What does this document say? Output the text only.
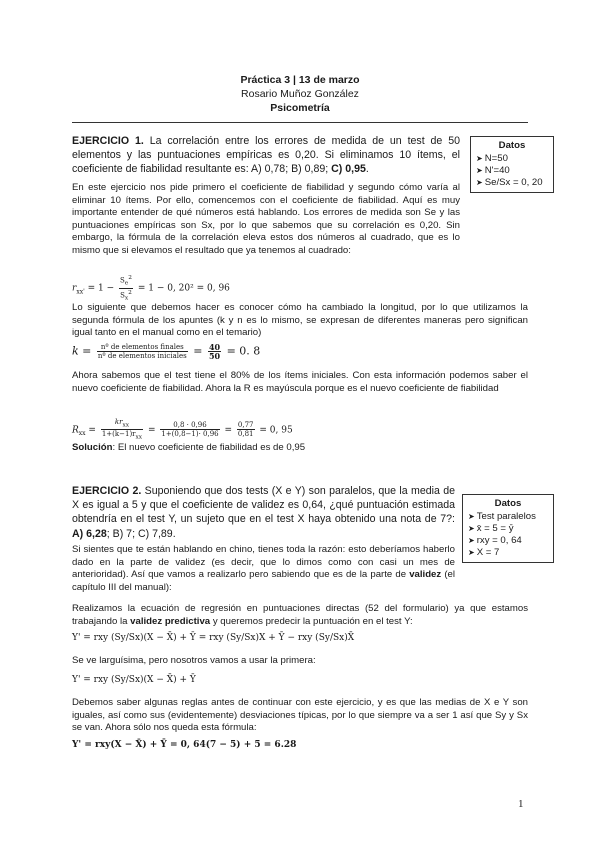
Práctica 3 | 13 de marzo
Rosario Muñoz González
Psicometría
EJERCICIO 1. La correlación entre los errores de medida de un test de 50 elementos y las puntuaciones empíricas es 0,20. Si eliminamos 10 ítems, el coeficiente de fiabilidad resultante es: A) 0,78; B) 0,89; C) 0,95.
Datos
➤ N=50
➤ N'=40
➤ Se/Sx = 0, 20
En este ejercicio nos pide primero el coeficiente de fiabilidad y segundo cómo varía al eliminar 10 ítems. Por ello, comencemos con el coeficiente de fiabilidad. Aquí es muy importante entender de qué números está hablando. Los errores de medida son Se y las puntuaciones empíricas son Sx, por lo que sabemos que su correlación es 0,20. Sin embargo, la fórmula de la correlación eleva estos dos números al cuadrado, que es lo mismo que si elevamos el resultado que ya tenemos al cuadrado:
$r_{xx'} = 1 - \frac{S_e^2}{S_x^2} = 1 - 0$, 20² = 0, 96
Lo siguiente que debemos hacer es conocer cómo ha cambiado la longitud, por lo que utilizamos la segunda fórmula de los apuntes (k y n es lo mismo, se expresan de diferentes maneras pero significan igual tanto en el manual como en el temario)
$k = \frac{\text{nº de elementos finales}}{\text{nº de elementos iniciales}} = \frac{40}{50} = 0$. 8
Ahora sabemos que el test tiene el 80% de los ítems iniciales. Con esta información podemos saber el nuevo coeficiente de fiabilidad. Ahora la R es mayúscula porque es el nuevo coeficiente de fiabilidad
$R_{xx} = \frac{kr_{xx}}{1+(k-1)r_{xx}} = \frac{0,8 \cdot 0,96}{1+(0,8-1)\cdot 0,96} = \frac{0,77}{0,81} = 0$, 95
Solución: El nuevo coeficiente de fiabilidad es de 0,95
EJERCICIO 2. Suponiendo que dos tests (X e Y) son paralelos, que la media de X es igual a 5 y que el coeficiente de validez es 0,64, ¿qué puntuación estimada obtendría en el test Y, un sujeto que en el test X haya obtenido una nota de 7?: A) 6,28; B) 7; C) 7,89.
Datos
➤ Test paralelos
➤ x̄ = 5 = ȳ
➤ rxy = 0, 64
➤ X = 7
Si sientes que te están hablando en chino, tienes toda la razón: esto deberíamos haberlo dado en la parte de validez (es decir, que lo dimos como con casi un mes de anterioridad). Así que vamos a realizarlo pero sabiendo que es de la parte de validez (el capítulo III del manual):
Realizamos la ecuación de regresión en puntuaciones directas (52 del formulario) ya que estamos trabajando la validez predictiva y queremos predecir la puntuación en el test Y:
Y' = rxy (Sy/Sx)(X − X̄) + Ȳ = rxy (Sy/Sx)X + Ȳ − rxy (Sy/Sx)X̄
Se ve larguísima, pero nosotros vamos a usar la primera:
Y' = rxy (Sy/Sx)(X − X̄) + Ȳ
Debemos saber algunas reglas antes de continuar con este ejercicio, y es que las medias de X e Y son iguales, así como sus (evidentemente) desviaciones típicas, por lo que siempre va a ser 1 así que Sy y Sx se van. Ahora sólo nos queda esta fórmula:
Y' = rxy(X − X̄) + Ȳ = 0, 64(7 − 5) + 5 = 6.28
1
